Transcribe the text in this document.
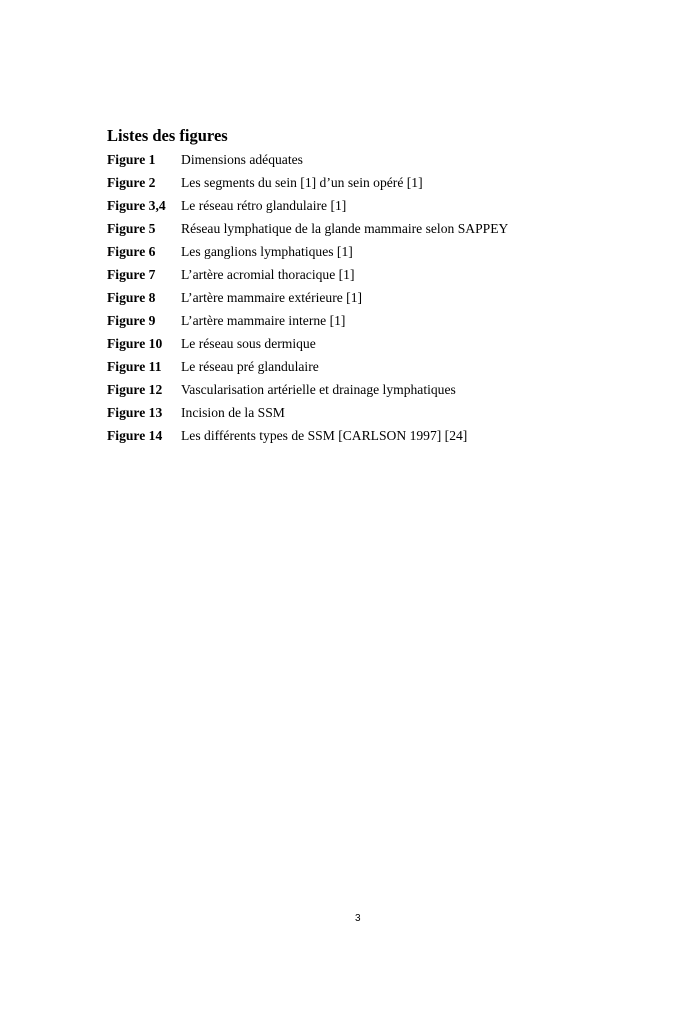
Listes des figures
Figure 1 Dimensions adéquates
Figure 2 Les segments du sein [1] d’un sein opéré [1]
Figure 3,4 Le réseau rétro glandulaire [1]
Figure 5 Réseau lymphatique de la glande mammaire selon SAPPEY
Figure 6 Les ganglions lymphatiques [1]
Figure 7 L’artère acromial thoracique [1]
Figure 8 L’artère mammaire extérieure [1]
Figure 9 L’artère mammaire interne [1]
Figure 10 Le réseau sous dermique
Figure 11 Le réseau pré glandulaire
Figure 12 Vascularisation artérielle et drainage lymphatiques
Figure 13 Incision de la SSM
Figure 14 Les différents types de SSM [CARLSON 1997] [24]
3
